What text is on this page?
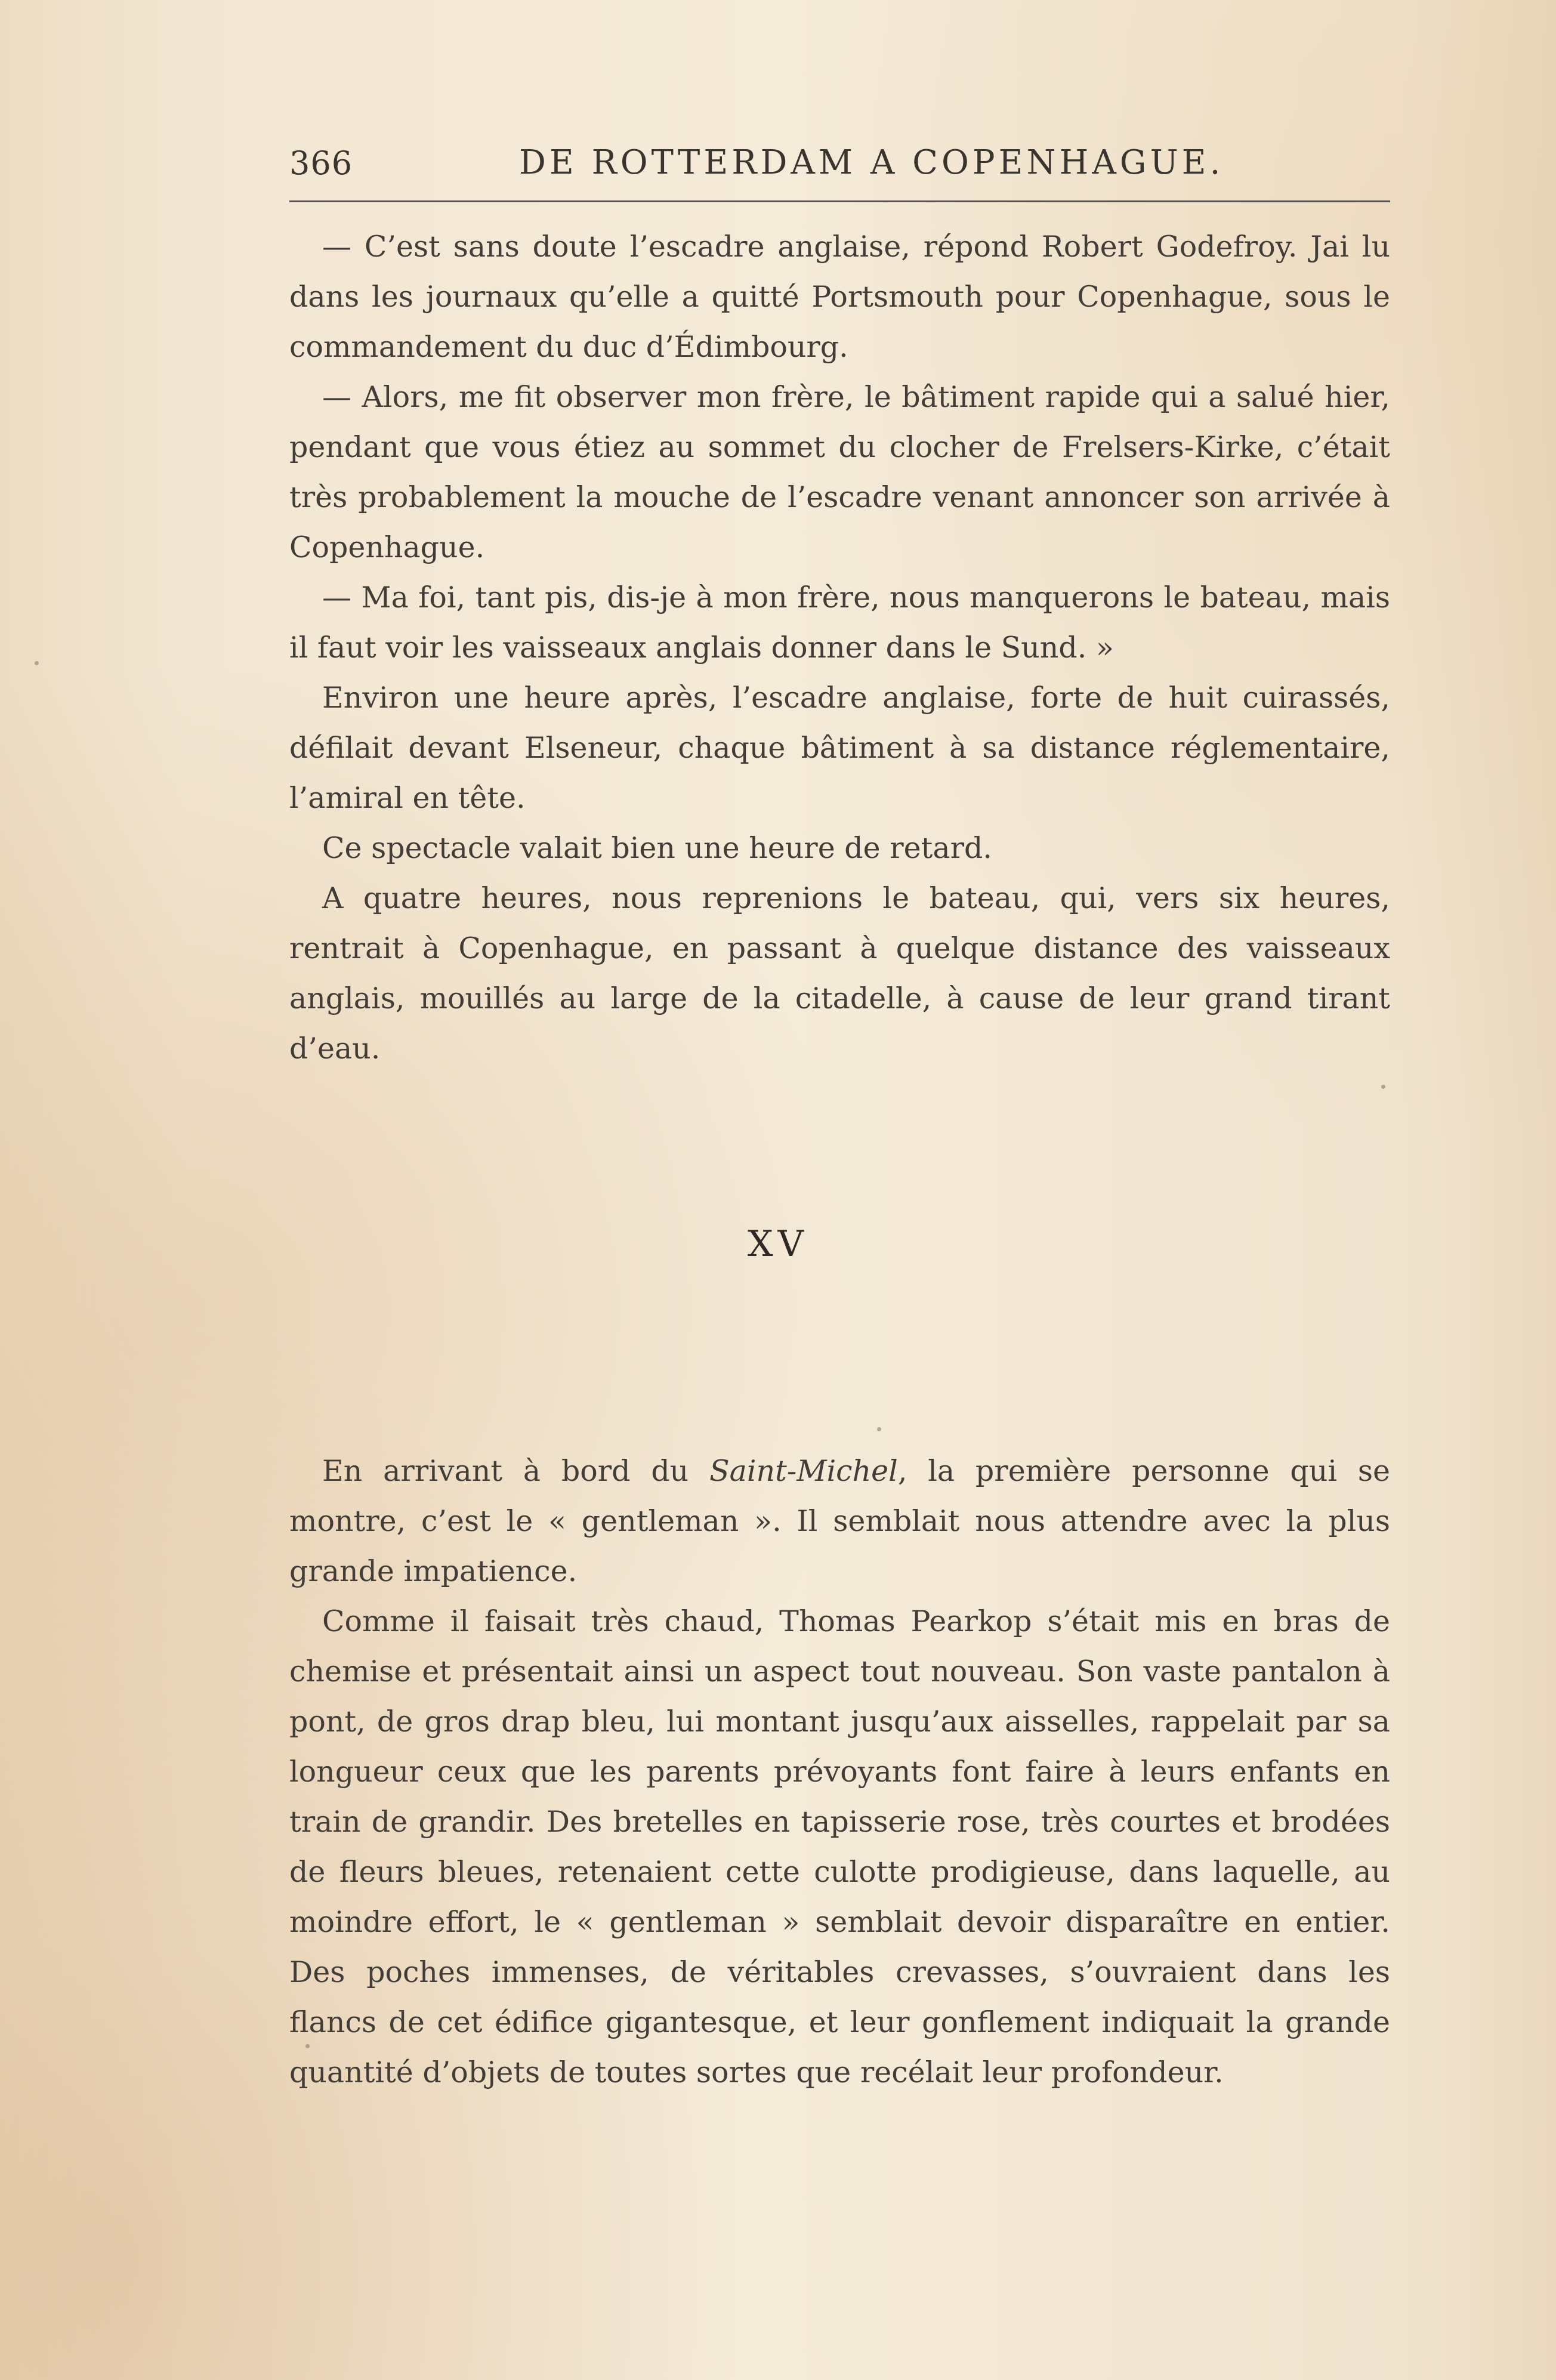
366	DE ROTTERDAM A COPENHAGUE.

— C’est sans doute l’escadre anglaise, répond Robert Godefroy. Jai lu dans les journaux qu’elle a quitté Portsmouth pour Copenhague, sous le commandement du duc d’Édimbourg.

— Alors, me fit observer mon frère, le bâtiment rapide qui a salué hier, pendant que vous étiez au sommet du clocher de Frelsers-Kirke, c’était très probablement la mouche de l’escadre venant annoncer son arrivée à Copenhague.

— Ma foi, tant pis, dis-je à mon frère, nous manquerons le bateau, mais il faut voir les vaisseaux anglais donner dans le Sund. »

Environ une heure après, l’escadre anglaise, forte de huit cuirassés, défilait devant Elseneur, chaque bâtiment à sa distance réglementaire, l’amiral en tête.

Ce spectacle valait bien une heure de retard.

A quatre heures, nous reprenions le bateau, qui, vers six heures, rentrait à Copenhague, en passant à quelque distance des vaisseaux anglais, mouillés au large de la citadelle, à cause de leur grand tirant d’eau.

XV

En arrivant à bord du Saint-Michel, la première personne qui se montre, c’est le « gentleman ». Il semblait nous attendre avec la plus grande impatience.

Comme il faisait très chaud, Thomas Pearkop s’était mis en bras de chemise et présentait ainsi un aspect tout nouveau. Son vaste pantalon à pont, de gros drap bleu, lui montant jusqu’aux aisselles, rappelait par sa longueur ceux que les parents prévoyants font faire à leurs enfants en train de grandir. Des bretelles en tapisserie rose, très courtes et brodées de fleurs bleues, retenaient cette culotte prodigieuse, dans laquelle, au moindre effort, le « gentleman » semblait devoir disparaître en entier. Des poches immenses, de véritables crevasses, s’ouvraient dans les flancs de cet édifice gigantesque, et leur gonflement indiquait la grande quantité d’objets de toutes sortes que recélait leur profondeur.
